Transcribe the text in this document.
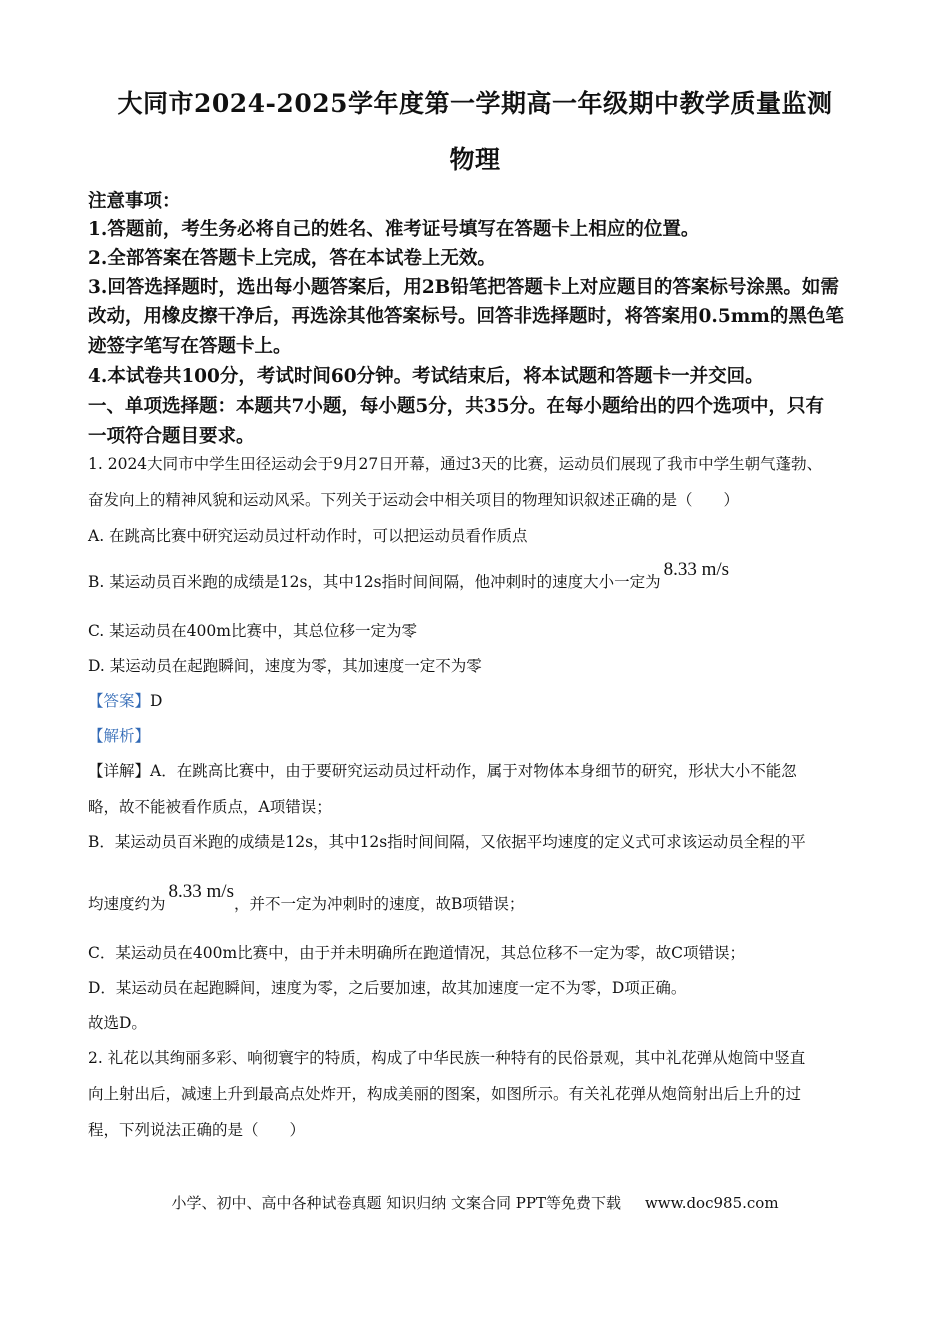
大同市2024-2025学年度第一学期高一年级期中教学质量监测
物理
注意事项：
1.答题前，考生务必将自己的姓名、准考证号填写在答题卡上相应的位置。
2.全部答案在答题卡上完成，答在本试卷上无效。
3.回答选择题时，选出每小题答案后，用2B铅笔把答题卡上对应题目的答案标号涂黑。如需
改动，用橡皮擦干净后，再选涂其他答案标号。回答非选择题时，将答案用0.5mm的黑色笔
迹签字笔写在答题卡上。
4.本试卷共100分，考试时间60分钟。考试结束后，将本试题和答题卡一并交回。
一、单项选择题：本题共7小题，每小题5分，共35分。在每小题给出的四个选项中，只有
一项符合题目要求。
1. 2024大同市中学生田径运动会于9月27日开幕，通过3天的比赛，运动员们展现了我市中学生朝气蓬勃、
奋发向上的精神风貌和运动风采。下列关于运动会中相关项目的物理知识叙述正确的是（　　）
A. 在跳高比赛中研究运动员过杆动作时，可以把运动员看作质点
B. 某运动员百米跑的成绩是12s，其中12s指时间间隔，他冲刺时的速度大小一定为8.33 m/s
C. 某运动员在400m比赛中，其总位移一定为零
D. 某运动员在起跑瞬间，速度为零，其加速度一定不为零
【答案】D
【解析】
【详解】A．在跳高比赛中，由于要研究运动员过杆动作，属于对物体本身细节的研究，形状大小不能忽
略，故不能被看作质点，A项错误；
B．某运动员百米跑的成绩是12s，其中12s指时间间隔，又依据平均速度的定义式可求该运动员全程的平
均速度约为8.33 m/s，并不一定为冲刺时的速度，故B项错误；
C．某运动员在400m比赛中，由于并未明确所在跑道情况，其总位移不一定为零，故C项错误；
D．某运动员在起跑瞬间，速度为零，之后要加速，故其加速度一定不为零，D项正确。
故选D。
2. 礼花以其绚丽多彩、响彻寰宇的特质，构成了中华民族一种特有的民俗景观，其中礼花弹从炮筒中竖直
向上射出后，减速上升到最高点处炸开，构成美丽的图案，如图所示。有关礼花弹从炮筒射出后上升的过
程，下列说法正确的是（　　）
小学、初中、高中各种试卷真题 知识归纳 文案合同 PPT等免费下载 www.doc985.com
